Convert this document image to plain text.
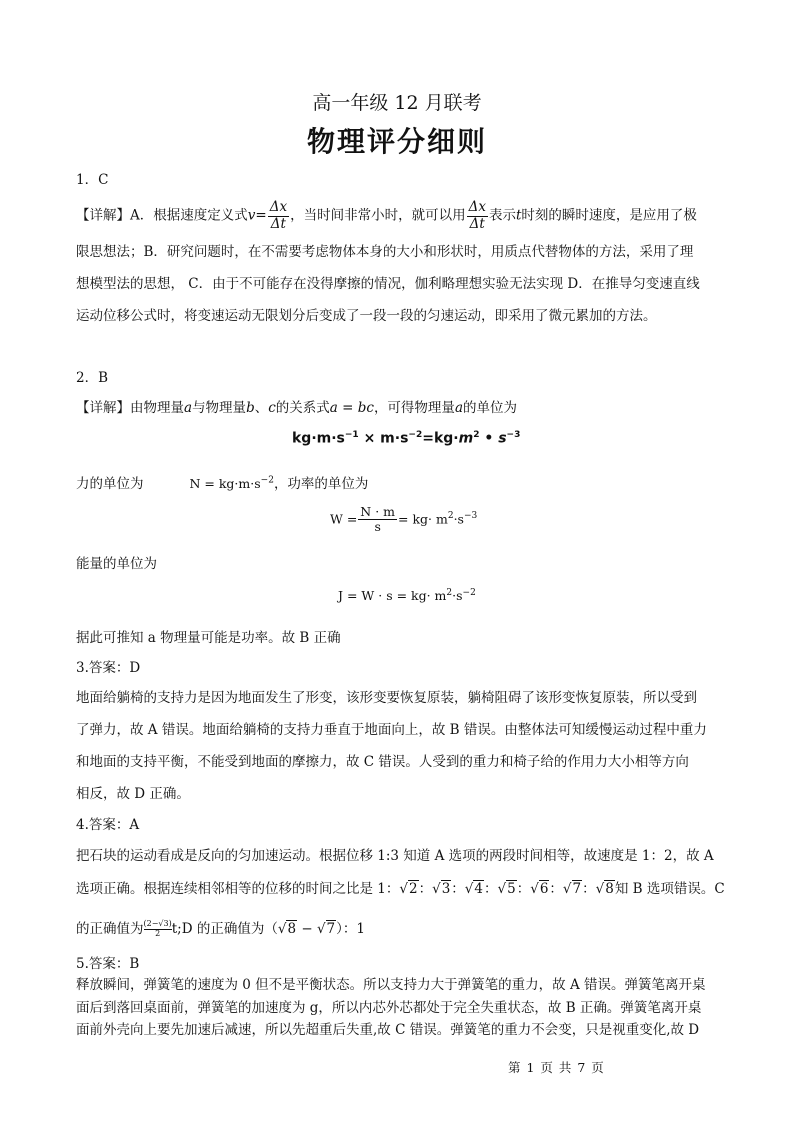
高一年级 12 月联考
物理评分细则
1．C
【详解】A．根据速度定义式$v= \frac{\Delta x}{\Delta t}$ ，当时间非常小时，就可以用 $\frac{\Delta x}{\Delta t}$ 表示t时刻的瞬时速度，是应用了极
限思想法；B．研究问题时，在不需要考虑物体本身的大小和形状时，用质点代替物体的方法，采用了理
想模型法的思想， C．由于不可能存在没得摩擦的情况，伽利略理想实验无法实现 D．在推导匀变速直线
运动位移公式时，将变速运动无限划分后变成了一段一段的匀速运动，即采用了微元累加的方法。
2．B
【详解】由物理量a与物理量b、c的关系式a = bc，可得物理量a的单位为
$kg\cdot m\cdot s^{-1} \times m\cdot s^{-2}=kg\cdot m^2$ • $s^{-3}$
力的单位为	$N = kg\cdot m\cdot s^{-2}$，功率的单位为
$W = \frac{N \cdot m}{s} = kg\cdot m^2\cdot s^{-3}$
能量的单位为
$J = W \cdot s = kg\cdot m^2\cdot s^{-2}$
据此可推知 a 物理量可能是功率。故 B 正确
3.答案：D
地面给躺椅的支持力是因为地面发生了形变，该形变要恢复原装，躺椅阻碍了该形变恢复原装，所以受到
了弹力，故 A 错误。地面给躺椅的支持力垂直于地面向上，故 B 错误。由整体法可知缓慢运动过程中重力
和地面的支持平衡，不能受到地面的摩擦力，故 C 错误。人受到的重力和椅子给的作用力大小相等方向
相反，故 D 正确。
4.答案：A
把石块的运动看成是反向的匀加速运动。根据位移 1:3 知道 A 选项的两段时间相等，故速度是 1：2，故 A
选项正确。根据连续相邻相等的位移的时间之比是 1：√2：√3：√4：√5：√6：√7：√8知 B 选项错误。C
的正确值为 $\frac{(2-√3)}{2}$ t;D 的正确值为（√8 − √7）：1
5.答案：B
释放瞬间，弹簧笔的速度为 0 但不是平衡状态。所以支持力大于弹簧笔的重力，故 A 错误。弹簧笔离开桌
面后到落回桌面前，弹簧笔的加速度为 g，所以内芯外芯都处于完全失重状态，故 B 正确。弹簧笔离开桌
面前外壳向上要先加速后减速，所以先超重后失重,故 C 错误。弹簧笔的重力不会变，只是视重变化,故 D
第 1 页 共 7 页
